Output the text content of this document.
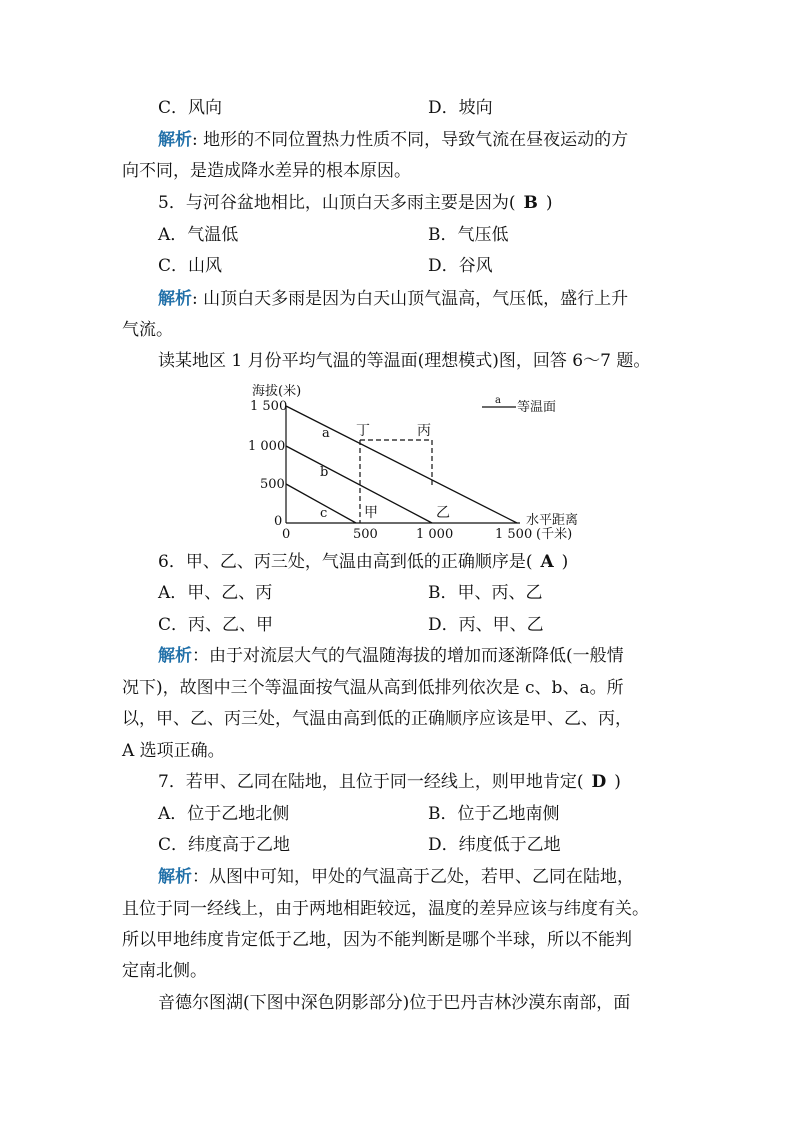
C．风向	D．坡向
解析: 地形的不同位置热力性质不同，导致气流在昼夜运动的方
向不同，是造成降水差异的根本原因。
5．与河谷盆地相比，山顶白天多雨主要是因为( B )
A．气温低	B．气压低
C．山风	D．谷风
解析: 山顶白天多雨是因为白天山顶气温高，气压低，盛行上升
气流。
读某地区 1 月份平均气温的等温面(理想模式)图，回答 6～7 题。
海拔(米)
1 500
1 000
500
0
0	500	1 000	1 500
水平距离
(千米)
a 等温面
a
b
c
丁	丙
甲	乙
6．甲、乙、丙三处，气温由高到低的正确顺序是( A )
A．甲、乙、丙	B．甲、丙、乙
C．丙、乙、甲	D．丙、甲、乙
解析：由于对流层大气的气温随海拔的增加而逐渐降低(一般情
况下)，故图中三个等温面按气温从高到低排列依次是 c、b、a。所
以，甲、乙、丙三处，气温由高到低的正确顺序应该是甲、乙、丙，
A 选项正确。
7．若甲、乙同在陆地，且位于同一经线上，则甲地肯定( D )
A．位于乙地北侧	B．位于乙地南侧
C．纬度高于乙地	D．纬度低于乙地
解析：从图中可知，甲处的气温高于乙处，若甲、乙同在陆地，
且位于同一经线上，由于两地相距较远，温度的差异应该与纬度有关。
所以甲地纬度肯定低于乙地，因为不能判断是哪个半球，所以不能判
定南北侧。
音德尔图湖(下图中深色阴影部分)位于巴丹吉林沙漠东南部，面
